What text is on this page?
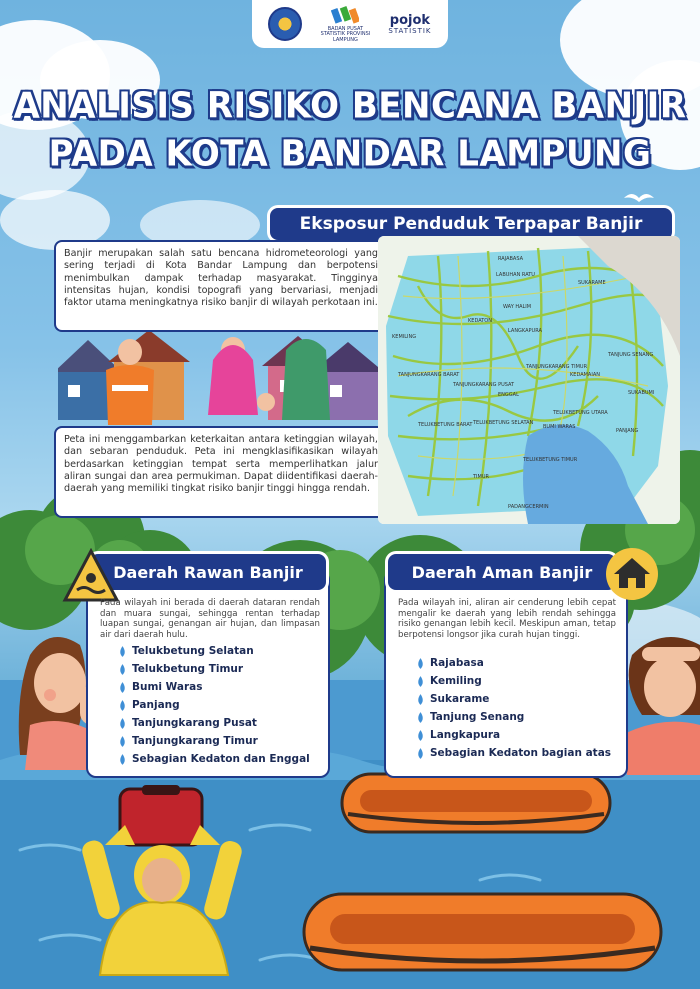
BADAN PUSAT STATISTIK PROVINSI LAMPUNG
pojok
STATISTIK
ANALISIS RISIKO BENCANA BANJIR
PADA KOTA BANDAR LAMPUNG
Eksposur Penduduk Terpapar Banjir
Banjir merupakan salah satu bencana hidrometeorologi yang sering terjadi di Kota Bandar Lampung dan berpotensi menimbulkan dampak terhadap masyarakat. Tingginya intensitas hujan, kondisi topografi yang bervariasi, menjadi faktor utama meningkatnya risiko banjir di wilayah perkotaan ini.
Peta ini menggambarkan keterkaitan antara ketinggian wilayah, dan sebaran penduduk. Peta ini mengklasifikasikan wilayah berdasarkan ketinggian tempat serta memperlihatkan jalur aliran sungai dan area permukiman. Dapat diidentifikasi daerah-daerah yang memiliki tingkat risiko banjir tinggi hingga rendah.
RAJABASA
LABUHAN RATU
SUKARAME
WAY HALIM
KEDATON
LANGKAPURA
KEMILING
TANJUNGKARANG BARAT
TANJUNGKARANG PUSAT
TANJUNGKARANG TIMUR
KEDAMAIAN
TANJUNG SENANG
ENGGAL	SUKABUMI
TELUKBETUNG UTARA
TELUKBETUNG BARAT TELUKBETUNG SELATAN
BUMI WARAS
TELUKBETUNG TIMUR
PANJANG
TIMUR
PADANGCERMIN
Daerah Rawan Banjir
Pada wilayah ini berada di daerah dataran rendah dan muara sungai, sehingga rentan terhadap luapan sungai, genangan air hujan, dan limpasan air dari daerah hulu.
Telukbetung Selatan
Telukbetung Timur
Bumi Waras
Panjang
Tanjungkarang Pusat
Tanjungkarang Timur
Sebagian Kedaton dan Enggal
Daerah Aman Banjir
Pada wilayah ini, aliran air cenderung lebih cepat mengalir ke daerah yang lebih rendah sehingga risiko genangan lebih kecil. Meskipun aman, tetap berpotensi longsor jika curah hujan tinggi.
Rajabasa
Kemiling
Sukarame
Tanjung Senang
Langkapura
Sebagian Kedaton bagian atas
